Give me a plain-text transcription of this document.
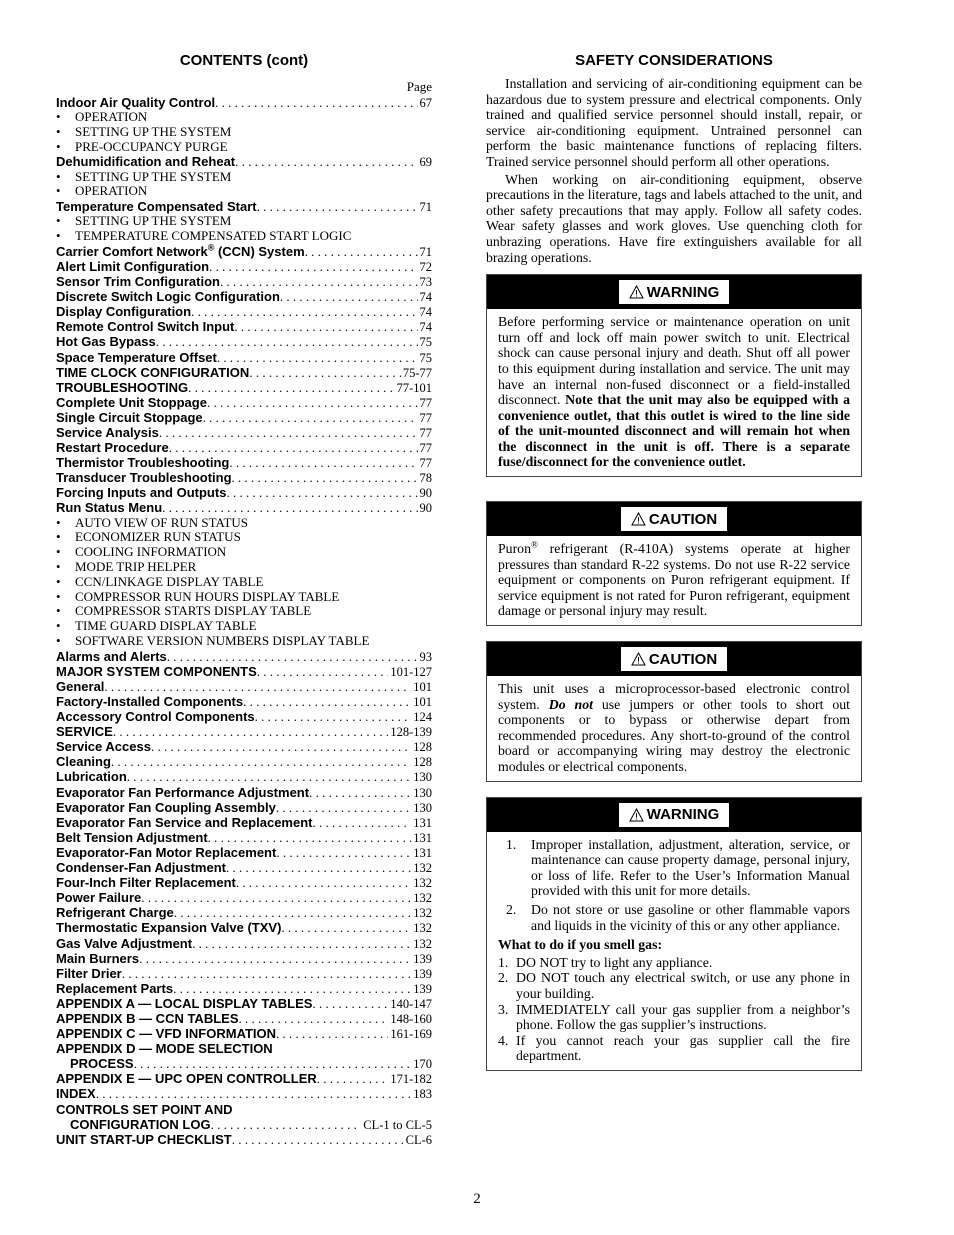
CONTENTS (cont)
Page
Indoor Air Quality Control . . .	67
•	OPERATION
•	SETTING UP THE SYSTEM
•	PRE-OCCUPANCY PURGE
Dehumidification and Reheat . . .	69
•	SETTING UP THE SYSTEM
•	OPERATION
Temperature Compensated Start . . .	71
•	SETTING UP THE SYSTEM
•	TEMPERATURE COMPENSATED START LOGIC
Carrier Comfort Network® (CCN) System . . .	71
Alert Limit Configuration . . .	72
Sensor Trim Configuration . . .	73
Discrete Switch Logic Configuration . . .	74
Display Configuration . . .	74
Remote Control Switch Input . . .	74
Hot Gas Bypass . . .	75
Space Temperature Offset . . .	75
TIME CLOCK CONFIGURATION . . .	75-77
TROUBLESHOOTING . . .	77-101
Complete Unit Stoppage . . .	77
Single Circuit Stoppage . . .	77
Service Analysis . . .	77
Restart Procedure . . .	77
Thermistor Troubleshooting . . .	77
Transducer Troubleshooting . . .	78
Forcing Inputs and Outputs . . .	90
Run Status Menu . . .	90
•	AUTO VIEW OF RUN STATUS
•	ECONOMIZER RUN STATUS
•	COOLING INFORMATION
•	MODE TRIP HELPER
•	CCN/LINKAGE DISPLAY TABLE
•	COMPRESSOR RUN HOURS DISPLAY TABLE
•	COMPRESSOR STARTS DISPLAY TABLE
•	TIME GUARD DISPLAY TABLE
•	SOFTWARE VERSION NUMBERS DISPLAY TABLE
Alarms and Alerts . . .	93
MAJOR SYSTEM COMPONENTS . . .	101-127
General . . .	101
Factory-Installed Components . . .	101
Accessory Control Components . . .	124
SERVICE . . .	128-139
Service Access . . .	128
Cleaning . . .	128
Lubrication . . .	130
Evaporator Fan Performance Adjustment . . .	130
Evaporator Fan Coupling Assembly . . .	130
Evaporator Fan Service and Replacement . . .	131
Belt Tension Adjustment . . .	131
Evaporator-Fan Motor Replacement . . .	131
Condenser-Fan Adjustment . . .	132
Four-Inch Filter Replacement . . .	132
Power Failure . . .	132
Refrigerant Charge . . .	132
Thermostatic Expansion Valve (TXV) . . .	132
Gas Valve Adjustment . . .	132
Main Burners . . .	139
Filter Drier . . .	139
Replacement Parts . . .	139
APPENDIX A — LOCAL DISPLAY TABLES . . .	140-147
APPENDIX B — CCN TABLES . . .	148-160
APPENDIX C — VFD INFORMATION . . .	161-169
APPENDIX D — MODE SELECTION
PROCESS . . .	170
APPENDIX E — UPC OPEN CONTROLLER . . .	171-182
INDEX . . .	183
CONTROLS SET POINT AND
CONFIGURATION LOG . . .	CL-1 to CL-5
UNIT START-UP CHECKLIST . . .	CL-6
SAFETY CONSIDERATIONS

Installation and servicing of air-conditioning equipment can be hazardous due to system pressure and electrical components. Only trained and qualified service personnel should install, repair, or service air-conditioning equipment. Untrained personnel can perform the basic maintenance functions of replacing filters. Trained service personnel should perform all other operations.

When working on air-conditioning equipment, observe precautions in the literature, tags and labels attached to the unit, and other safety precautions that may apply. Follow all safety codes. Wear safety glasses and work gloves. Use quenching cloth for unbrazing operations. Have fire extinguishers available for all brazing operations.

WARNING
Before performing service or maintenance operation on unit turn off and lock off main power switch to unit. Electrical shock can cause personal injury and death. Shut off all power to this equipment during installation and service. The unit may have an internal non-fused disconnect or a field-installed disconnect. Note that the unit may also be equipped with a convenience outlet, that this outlet is wired to the line side of the unit-mounted disconnect and will remain hot when the disconnect in the unit is off. There is a separate fuse/disconnect for the convenience outlet.
CAUTION
Puron® refrigerant (R-410A) systems operate at higher pressures than standard R-22 systems. Do not use R-22 service equipment or components on Puron refrigerant equipment. If service equipment is not rated for Puron refrigerant, equipment damage or personal injury may result.
CAUTION
This unit uses a microprocessor-based electronic control system. Do not use jumpers or other tools to short out components or to bypass or otherwise depart from recommended procedures. Any short-to-ground of the control board or accompanying wiring may destroy the electronic modules or electrical components.
WARNING
1.	Improper installation, adjustment, alteration, service, or maintenance can cause property damage, personal injury, or loss of life. Refer to the User’s Information Manual provided with this unit for more details.
2.	Do not store or use gasoline or other flammable vapors and liquids in the vicinity of this or any other appliance.
What to do if you smell gas:
1. DO NOT try to light any appliance.
2. DO NOT touch any electrical switch, or use any phone in your building.
3. IMMEDIATELY call your gas supplier from a neighbor’s phone. Follow the gas supplier’s instructions.
4. If you cannot reach your gas supplier call the fire department.
2
